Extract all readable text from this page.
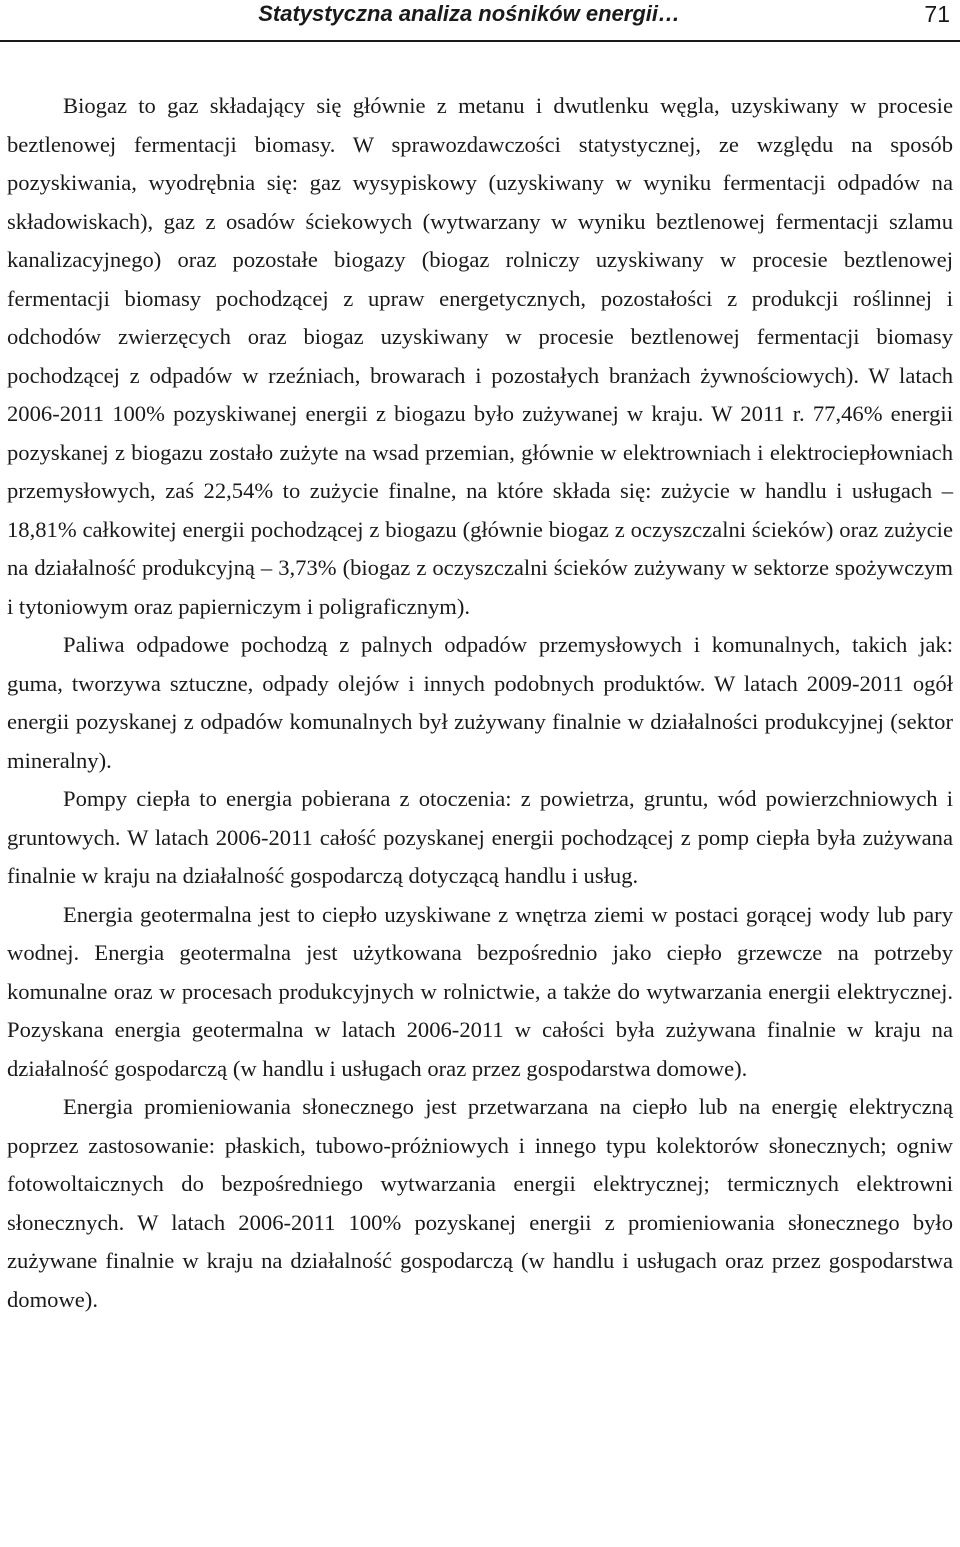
Statystyczna analiza nośników energii…	71

Biogaz to gaz składający się głównie z metanu i dwutlenku węgla, uzyskiwany w procesie beztlenowej fermentacji biomasy. W sprawozdawczości statystycznej, ze względu na sposób pozyskiwania, wyodrębnia się: gaz wysypiskowy (uzyskiwany w wyniku fermentacji odpadów na składowiskach), gaz z osadów ściekowych (wytwarzany w wyniku beztlenowej fermentacji szlamu kanalizacyjnego) oraz pozostałe biogazy (biogaz rolniczy uzyskiwany w procesie beztlenowej fermentacji biomasy pochodzącej z upraw energetycznych, pozostałości z produkcji roślinnej i odchodów zwierzęcych oraz biogaz uzyskiwany w procesie beztlenowej fermentacji biomasy pochodzącej z odpadów w rzeźniach, browarach i pozostałych branżach żywnościowych). W latach 2006-2011 100% pozyskiwanej energii z biogazu było zużywanej w kraju. W 2011 r. 77,46% energii pozyskanej z biogazu zostało zużyte na wsad przemian, głównie w elektrowniach i elektrociepłowniach przemysłowych, zaś 22,54% to zużycie finalne, na które składa się: zużycie w handlu i usługach – 18,81% całkowitej energii pochodzącej z biogazu (głównie biogaz z oczyszczalni ścieków) oraz zużycie na działalność produkcyjną – 3,73% (biogaz z oczyszczalni ścieków zużywany w sektorze spożywczym i tytoniowym oraz papierniczym i poligraficznym).

Paliwa odpadowe pochodzą z palnych odpadów przemysłowych i komunalnych, takich jak: guma, tworzywa sztuczne, odpady olejów i innych podobnych produktów. W latach 2009-2011 ogół energii pozyskanej z odpadów komunalnych był zużywany finalnie w działalności produkcyjnej (sektor mineralny).

Pompy ciepła to energia pobierana z otoczenia: z powietrza, gruntu, wód powierzchniowych i gruntowych. W latach 2006-2011 całość pozyskanej energii pochodzącej z pomp ciepła była zużywana finalnie w kraju na działalność gospodarczą dotyczącą handlu i usług.

Energia geotermalna jest to ciepło uzyskiwane z wnętrza ziemi w postaci gorącej wody lub pary wodnej. Energia geotermalna jest użytkowana bezpośrednio jako ciepło grzewcze na potrzeby komunalne oraz w procesach produkcyjnych w rolnictwie, a także do wytwarzania energii elektrycznej. Pozyskana energia geotermalna w latach 2006-2011 w całości była zużywana finalnie w kraju na działalność gospodarczą (w handlu i usługach oraz przez gospodarstwa domowe).

Energia promieniowania słonecznego jest przetwarzana na ciepło lub na energię elektryczną poprzez zastosowanie: płaskich, tubowo-próżniowych i innego typu kolektorów słonecznych; ogniw fotowoltaicznych do bezpośredniego wytwarzania energii elektrycznej; termicznych elektrowni słonecznych. W latach 2006-2011 100% pozyskanej energii z promieniowania słonecznego było zużywane finalnie w kraju na działalność gospodarczą (w handlu i usługach oraz przez gospodarstwa domowe).
